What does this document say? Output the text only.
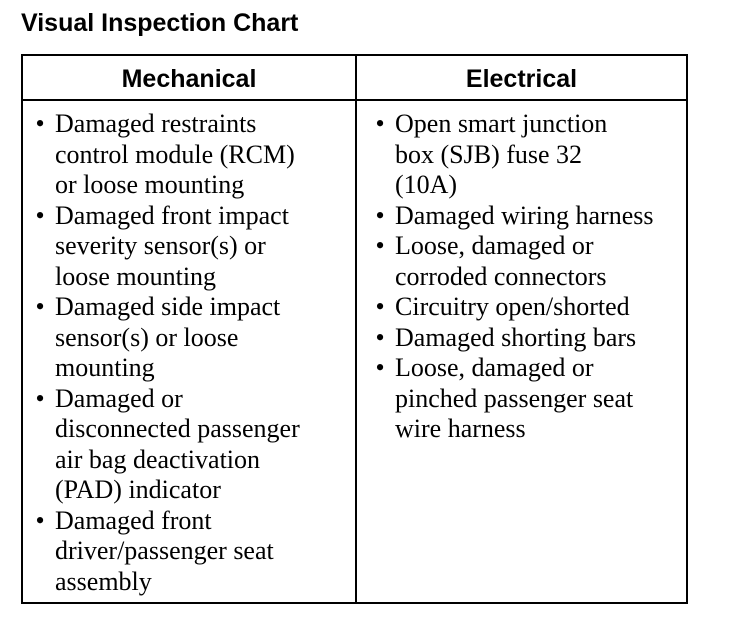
Visual Inspection Chart
Mechanical	Electrical
• Damaged restraints
control module (RCM)
or loose mounting
• Damaged front impact
severity sensor(s) or
loose mounting
• Damaged side impact
sensor(s) or loose
mounting
• Damaged or
disconnected passenger
air bag deactivation
(PAD) indicator
• Damaged front
driver/passenger seat
assembly
• Open smart junction
box (SJB) fuse 32
(10A)
• Damaged wiring harness
• Loose, damaged or
corroded connectors
• Circuitry open/shorted
• Damaged shorting bars
• Loose, damaged or
pinched passenger seat
wire harness
